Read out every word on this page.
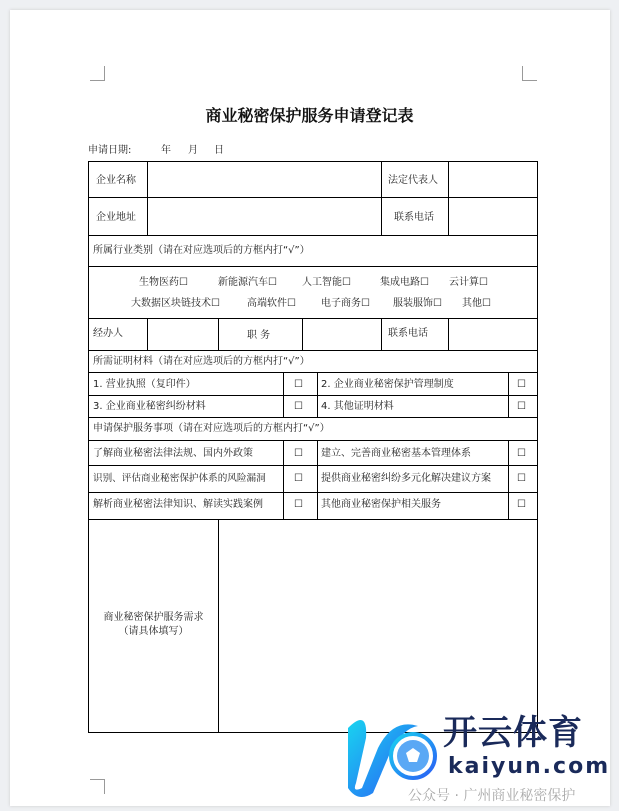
商业秘密保护服务申请登记表
申请日期:	年 月 日
企业名称	法定代表人
企业地址	联系电话
所属行业类别（请在对应选项后的方框内打“√”）
生物医药☐	新能源汽车☐	人工智能☐	集成电路☐ 云计算☐
大数据区块链技术☐	高端软件☐	电子商务☐ 服装服饰☐ 其他☐
经办人	职 务	联系电话
所需证明材料（请在对应选项后的方框内打“√”）
1. 营业执照（复印件）	☐ 2. 企业商业秘密保护管理制度	☐
3. 企业商业秘密纠纷材料	☐ 4. 其他证明材料	☐
申请保护服务事项（请在对应选项后的方框内打“√”）
了解商业秘密法律法规、国内外政策	☐ 建立、完善商业秘密基本管理体系	☐
识别、评估商业秘密保护体系的风险漏洞	☐ 提供商业秘密纠纷多元化解决建议方案	☐
解析商业秘密法律知识、解读实践案例	☐ 其他商业秘密保护相关服务	☐
商业秘密保护服务需求
（请具体填写）
开云体育
kaiyun.com
公众号 · 广州商业秘密保护
